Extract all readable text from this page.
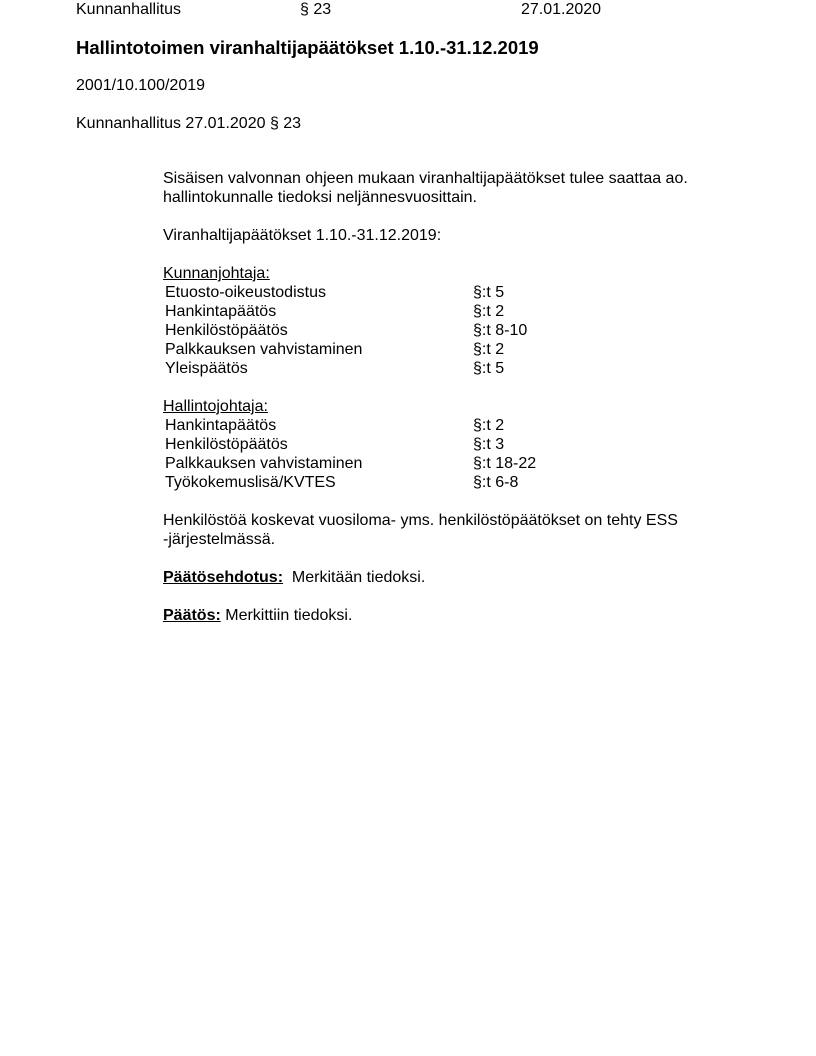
Kunnanhallitus	§ 23	27.01.2020
Hallintotoimen viranhaltijapäätökset 1.10.-31.12.2019
2001/10.100/2019
Kunnanhallitus 27.01.2020 § 23

Sisäisen valvonnan ohjeen mukaan viranhaltijapäätökset tulee saattaa ao.

hallintokunnalle tiedoksi neljännesvuosittain.

Viranhaltijapäätökset 1.10.-31.12.2019:

Kunnanjohtaja:

Etuosto-oikeustodistus	§:t 5
Hankintapäätös	§:t 2
Henkilöstöpäätös	§:t 8-10
Palkkauksen vahvistaminen	§:t 2
Yleispäätös	§:t 5

Hallintojohtaja:

Hankintapäätös	§:t 2
Henkilöstöpäätös	§:t 3
Palkkauksen vahvistaminen	§:t 18-22
Työkokemuslisä/KVTES	§:t 6-8

Henkilöstöä koskevat vuosiloma- yms. henkilöstöpäätökset on tehty ESS

-järjestelmässä.

Päätösehdotus: Merkitään tiedoksi.

Päätös: Merkittiin tiedoksi.
